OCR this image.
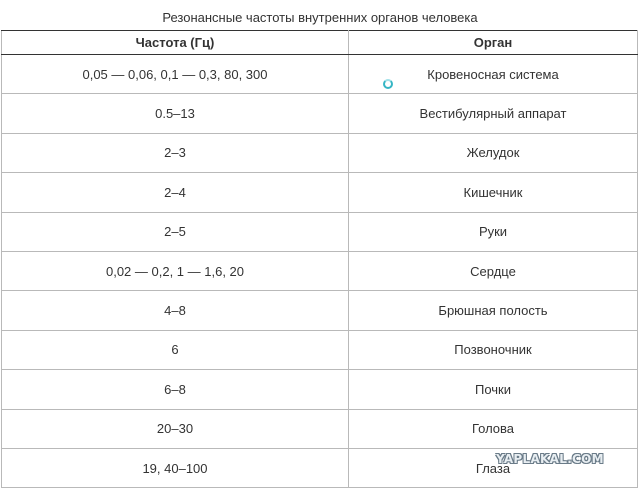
Резонансные частоты внутренних органов человека
Частота (Гц)	Орган
0,05 — 0,06, 0,1 — 0,3, 80, 300	Кровеносная система
0.5–13	Вестибулярный аппарат
2–3	Желудок
2–4	Кишечник
2–5	Руки
0,02 — 0,2, 1 — 1,6, 20	Сердце
4–8	Брюшная полость
6	Позвоночник
6–8	Почки
20–30	Голова
19, 40–100	Глаза
YAPLAKAL.COM
